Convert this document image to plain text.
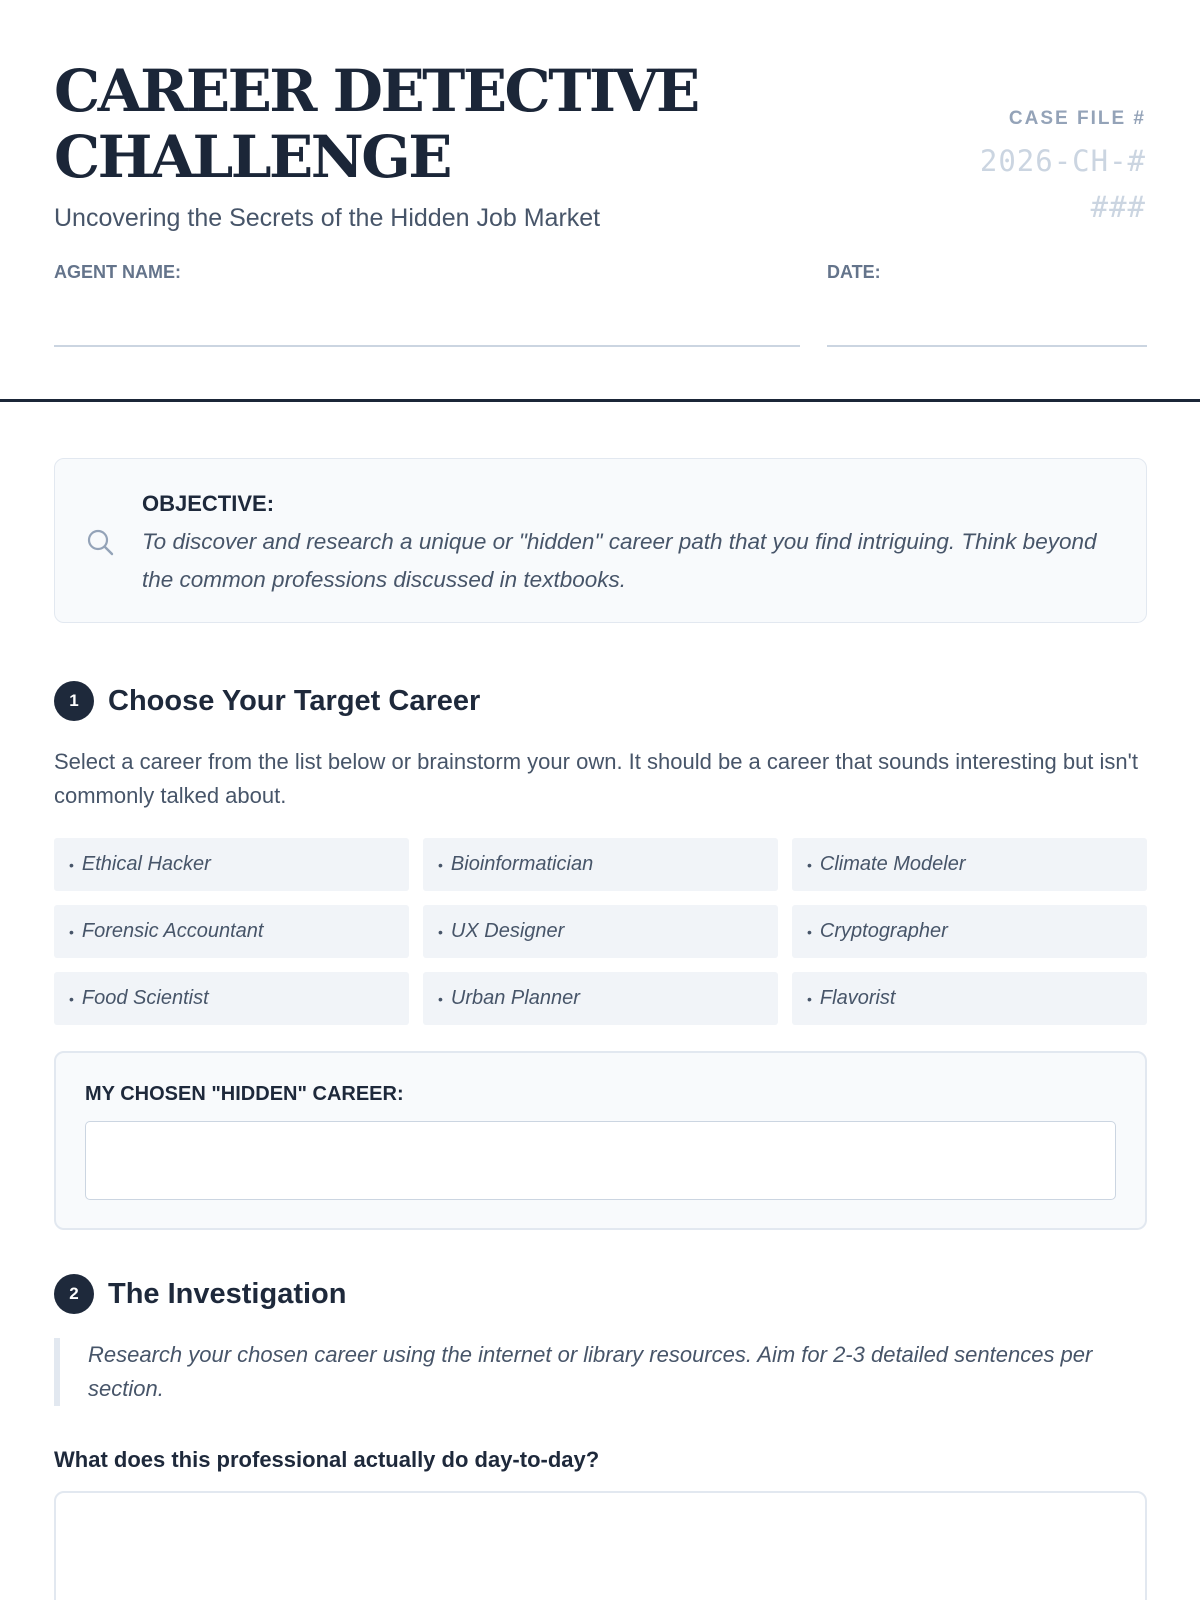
CAREER DETECTIVE CHALLENGE
Uncovering the Secrets of the Hidden Job Market
CASE FILE #
2026-CH-####
AGENT NAME:	DATE:
OBJECTIVE:
To discover and research a unique or "hidden" career path that you find intriguing. Think beyond the common professions discussed in textbooks.
1	Choose Your Target Career
Select a career from the list below or brainstorm your own. It should be a career that sounds interesting but isn't commonly talked about.
• Ethical Hacker	• Bioinformatician	• Climate Modeler
• Forensic Accountant	• UX Designer	• Cryptographer
• Food Scientist	• Urban Planner	• Flavorist
MY CHOSEN "HIDDEN" CAREER:
2	The Investigation
Research your chosen career using the internet or library resources. Aim for 2-3 detailed sentences per section.
What does this professional actually do day-to-day?
